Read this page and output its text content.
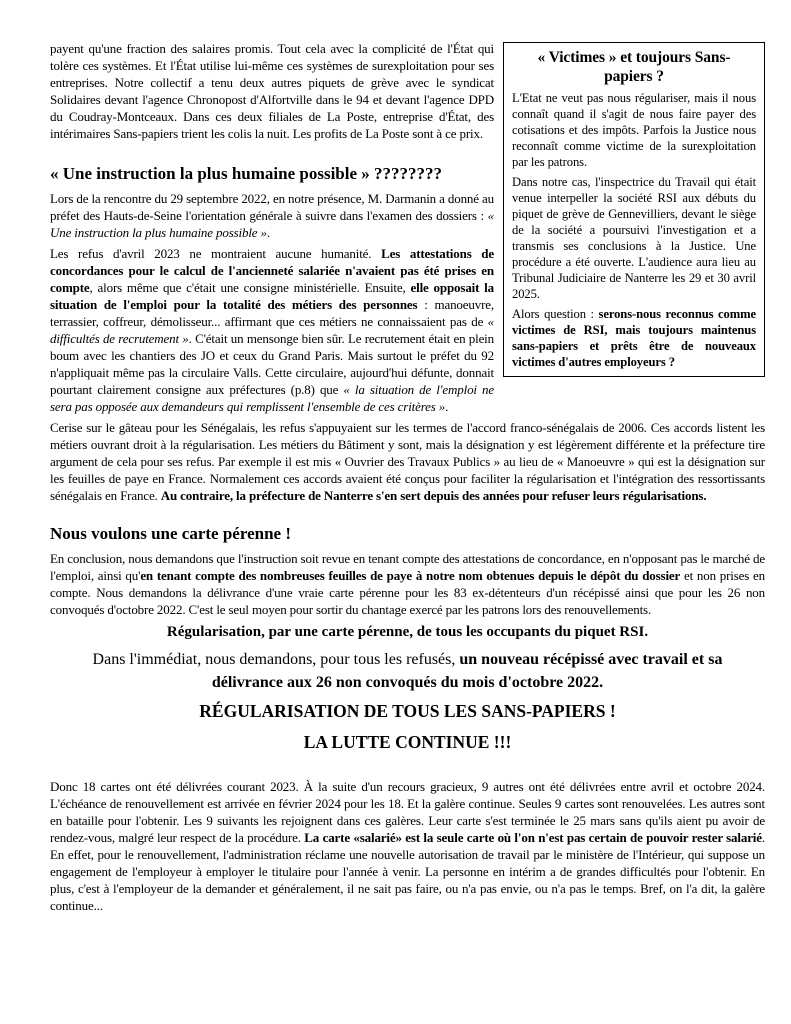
« Victimes » et toujours Sans-papiers ?

L'Etat ne veut pas nous régulariser, mais il nous connaît quand il s'agit de nous faire payer des cotisations et des impôts. Parfois la Justice nous reconnaît comme victime de la surexploitation par les patrons.

Dans notre cas, l'inspectrice du Travail qui était venue interpeller la société RSI aux débuts du piquet de grève de Gennevilliers, devant le siège de la société a poursuivi l'investigation et a transmis ses conclusions à la Justice. Une procédure a été ouverte. L'audience aura lieu au Tribunal Judiciaire de Nanterre les 29 et 30 avril 2025.

Alors question : serons-nous reconnus comme victimes de RSI, mais toujours maintenus sans-papiers et prêts être de nouveaux victimes d'autres employeurs ?

payent qu'une fraction des salaires promis. Tout cela avec la complicité de l'État qui tolère ces systèmes. Et l'État utilise lui-même ces systèmes de surexploitation pour ses entreprises. Notre collectif a tenu deux autres piquets de grève avec le syndicat Solidaires devant l'agence Chronopost d'Alfortville dans le 94 et devant l'agence DPD du Coudray-Montceaux. Dans ces deux filiales de La Poste, entreprise d'État, des intérimaires Sans-papiers trient les colis la nuit. Les profits de La Poste sont à ce prix.

« Une instruction la plus humaine possible » ????????

Lors de la rencontre du 29 septembre 2022, en notre présence, M. Darmanin a donné au préfet des Hauts-de-Seine l'orientation générale à suivre dans l'examen des dossiers : « Une instruction la plus humaine possible ».

Les refus d'avril 2023 ne montraient aucune humanité. Les attestations de concordances pour le calcul de l'ancienneté salariée n'avaient pas été prises en compte, alors même que c'était une consigne ministérielle. Ensuite, elle opposait la situation de l'emploi pour la totalité des métiers des personnes : manoeuvre, terrassier, coffreur, démolisseur... affirmant que ces métiers ne connaissaient pas de « difficultés de recrutement ». C'était un mensonge bien sûr. Le recrutement était en plein boum avec les chantiers des JO et ceux du Grand Paris. Mais surtout le préfet du 92 n'appliquait même pas la circulaire Valls. Cette circulaire, aujourd'hui défunte, donnait pourtant clairement consigne aux préfectures (p.8) que « la situation de l'emploi ne sera pas opposée aux demandeurs qui remplissent l'ensemble de ces critères ».

Cerise sur le gâteau pour les Sénégalais, les refus s'appuyaient sur les termes de l'accord franco-sénégalais de 2006. Ces accords listent les métiers ouvrant droit à la régularisation. Les métiers du Bâtiment y sont, mais la désignation y est légèrement différente et la préfecture tire argument de cela pour ses refus. Par exemple il est mis « Ouvrier des Travaux Publics » au lieu de « Manoeuvre » qui est la désignation sur les feuilles de paye en France. Normalement ces accords avaient été conçus pour faciliter la régularisation et l'intégration des ressortissants sénégalais en France. Au contraire, la préfecture de Nanterre s'en sert depuis des années pour refuser leurs régularisations.

Nous voulons une carte pérenne !

En conclusion, nous demandons que l'instruction soit revue en tenant compte des attestations de concordance, en n'opposant pas le marché de l'emploi, ainsi qu'en tenant compte des nombreuses feuilles de paye à notre nom obtenues depuis le dépôt du dossier et non prises en compte. Nous demandons la délivrance d'une vraie carte pérenne pour les 83 ex-détenteurs d'un récépissé ainsi que pour les 26 non convoqués d'octobre 2022. C'est le seul moyen pour sortir du chantage exercé par les patrons lors des renouvellements.

Régularisation, par une carte pérenne, de tous les occupants du piquet RSI.
Dans l'immédiat, nous demandons, pour tous les refusés, un nouveau récépissé avec travail et sa délivrance aux 26 non convoqués du mois d'octobre 2022.
RÉGULARISATION DE TOUS LES SANS-PAPIERS !
LA LUTTE CONTINUE !!!

Donc 18 cartes ont été délivrées courant 2023. À la suite d'un recours gracieux, 9 autres ont été délivrées entre avril et octobre 2024. L'échéance de renouvellement est arrivée en février 2024 pour les 18. Et la galère continue. Seules 9 cartes sont renouvelées. Les autres sont en bataille pour l'obtenir. Les 9 suivants les rejoignent dans ces galères. Leur carte s'est terminée le 25 mars sans qu'ils aient pu avoir de rendez-vous, malgré leur respect de la procédure. La carte «salarié» est la seule carte où l'on n'est pas certain de pouvoir rester salarié. En effet, pour le renouvellement, l'administration réclame une nouvelle autorisation de travail par le ministère de l'Intérieur, qui suppose un engagement de l'employeur à employer le titulaire pour l'année à venir. La personne en intérim a de grandes difficultés pour l'obtenir. En plus, c'est à l'employeur de la demander et généralement, il ne sait pas faire, ou n'a pas envie, ou n'a pas le temps. Bref, on l'a dit, la galère continue...
